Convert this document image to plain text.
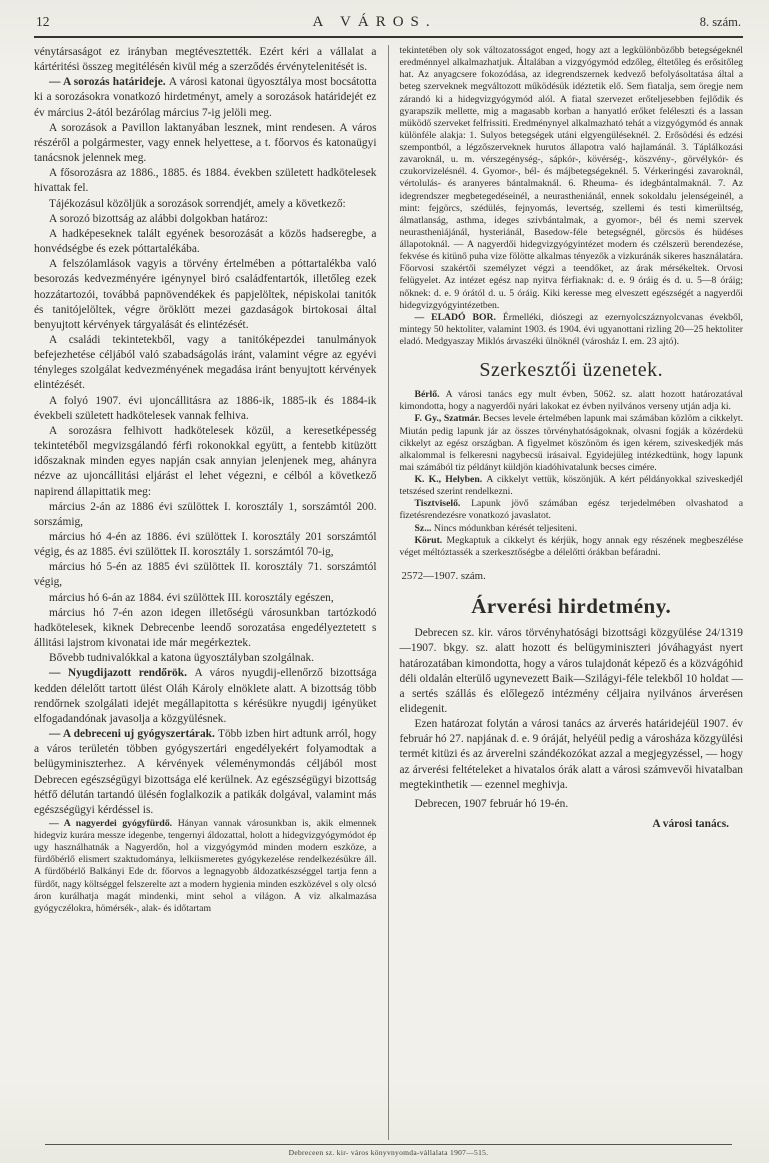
12	A VÁROS.	8. szám.

vénytársaságot ez irányban megtévesztették. Ezért kéri a vállalat a kártéritési összeg megitélésén kivül még a szerződés érvénytelenitését is.

— A sorozás határideje. A városi katonai ügyosztálya most bocsátotta ki a sorozásokra vonatkozó hirdetményt, amely a sorozások határidejét ez év március 2-ától bezárólag március 7-ig jelöli meg.

A sorozások a Pavillon laktanyában lesznek, mint rendesen. A város részéről a polgármester, vagy ennek helyettese, a t. főorvos és katonaügyi tanácsnok jelennek meg.

A fősorozásra az 1886., 1885. és 1884. években született hadkötelesek hivattak fel.

Tájékozásul közöljük a sorozások sorrendjét, amely a következő:

A sorozó bizottság az alábbi dolgokban határoz:

A hadképeseknek talált egyének besorozását a közös hadseregbe, a honvédségbe és ezek póttartalékába.

A felszólamlások vagyis a törvény értelmében a póttartalékba való besorozás kedvezményére igénynyel biró családfentartók, illetőleg ezek hozzátartozói, továbbá papnövendékek és papjelöltek, népiskolai tanitók és tanitójelöltek, végre öröklött mezei gazdaságok birtokosai által benyujtott kérvények tárgyalását és elintézését.

A családi tekintetekből, vagy a tanitóképezdei tanulmányok befejezhetése céljából való szabadságolás iránt, valamint végre az egyévi tényleges szolgálat kedvezményének megadása iránt benyujtott kérvények elintézését.

A folyó 1907. évi ujoncállitásra az 1886-ik, 1885-ik és 1884-ik évekbeli született hadkötelesek vannak felhiva.

A sorozásra felhivott hadkötelesek közül, a keresetképesség tekintetéből megvizsgálandó férfi rokonokkal együtt, a fentebb kitüzött időszaknak minden egyes napján csak annyian jelenjenek meg, ahányra nézve az ujoncállitási eljárást el lehet végezni, e célból a következő napirend állapittatik meg:

március 2-án az 1886 évi szülöttek I. korosztály 1, sorszámtól 200. sorszámig,

március hó 4-én az 1886. évi szülöttek I. korosztály 201 sorszámtól végig, és az 1885. évi szülöttek II. korosztály 1. sorszámtól 70-ig,

március hó 5-én az 1885 évi szülöttek II. korosztály 71. sorszámtól végig,

március hó 6-án az 1884. évi szülöttek III. korosztály egészen,

március hó 7-én azon idegen illetőségü városunkban tartózkodó hadkötelesek, kiknek Debrecenbe leendő sorozatása engedélyeztetett s állitási lajstrom kivonatai ide már megérkeztek.

Bővebb tudnivalókkal a katona ügyosztályban szolgálnak.

— Nyugdijazott rendőrök. A város nyugdij-ellenőrző bizottsága kedden délelőtt tartott ülést Oláh Károly elnöklete alatt. A bizottság több rendőrnek szolgálati idejét megállapitotta s kérésükre nyugdij igényüket elfogadandónak javasolja a közgyülésnek.

— A debreceni uj gyógyszertárak. Több izben hirt adtunk arról, hogy a város területén többen gyógyszertári engedélyekért folyamodtak a belügyminiszterhez. A kérvények véleménymondás céljából most Debrecen egészségügyi bizottsága elé kerülnek. Az egészségügyi bizottság hétfő délután tartandó ülésén foglalkozik a patikák dolgával, valamint más egészségügyi kérdéssel is.

— A nagyerdei gyógyfürdő. Hányan vannak városunkban is, akik elmennek hidegviz kurára messze idegenbe, tengernyi áldozattal, holott a hidegvizgyógymódot ép ugy használhatnák a Nagyerdőn, hol a vizgyógymód minden modern eszköze, a fürdőbérlő elismert szaktudománya, lelkiismeretes gyógykezelése rendelkezésükre áll. A fürdőbérlő Balkányi Ede dr. főorvos a legnagyobb áldozatkészséggel tartja fenn a fürdőt, nagy költséggel felszerelte azt a modern hygienia minden eszközével s oly olcsó áron kurálhatja magát mindenki, mint sehol a világon. A viz alkalmazása gyógyczélokra, hömérsék-, alak- és időtartam

tekintetében oly sok változatosságot enged, hogy azt a legkülönbözőbb betegségeknél eredménnyel alkalmazhatjuk. Általában a vizgyógymód edzőleg, éltetőleg és erősitőleg hat. Az anyagcsere fokozódása, az idegrendszernek kedvező befolyásoltatása által a beteg szerveknek megváltozott működésük idéztetik elő. Sem fiatalja, sem öregje nem zárandó ki a hidegvizgyógymód alól. A fiatal szervezet erőteljesebben fejlődik és gyarapszik mellette, mig a magasabb korban a hanyatló erőket feléleszti és a lassan müködő szerveket felfrissiti. Eredménynyel alkalmazható tehát a vizgyógymód és annak különféle alakja: 1. Sulyos betegségek utáni elgyengüléseknél. 2. Erősödési és edzési szempontból, a légzőszerveknek hurutos állapotra való hajlamánál. 3. Táplálkozási zavaroknál, u. m. vérszegénység-, sápkór-, kövérség-, köszvény-, görvélykór- és czukorvizelésnél. 4. Gyomor-, bél- és májbetegségeknél. 5. Vérkeringési zavaroknál, vértolulás- és aranyeres bántalmaknál. 6. Rheuma- és idegbántalmaknál. 7. Az idegrendszer megbetegedéseinél, a neurastheniánál, ennek sokoldalu jelenségeinél, a mint: fejgörcs, szédülés, fejnyomás, levertség, szellemi és testi kimerültség, álmatlanság, asthma, ideges szivbántalmak, a gyomor-, bél és nemi szervek neurastheniájánál, hysteriánál, Basedow-féle betegségnél, görcsös és hüdéses állapotoknál. — A nagyerdői hidegvizgyógyintézet modern és czélszerü berendezése, fekvése és kitünő puha vize fölötte alkalmas tényezők a vizkuránák sikeres használatára. Főorvosi szakértői személyzet végzi a teendőket, az árak mérsékeltek. Orvosi felügyelet. Az intézet egész nap nyitva férfiaknak: d. e. 9 óráig és d. u. 5—8 óráig; nőknek: d. e. 9 órától d. u. 5 óráig. Kiki keresse meg elveszett egészségét a nagyerdői hidegvizgyógyintézetben.

— ELADÓ BOR. Érmelléki, diószegi az ezernyolcszáznyolcvanas évekből, mintegy 50 hektoliter, valamint 1903. és 1904. évi ugyanottani rizling 20—25 hektoliter eladó. Medgyaszay Miklós árvaszéki ülnöknél (városház I. em. 23 ajtó).

Szerkesztői üzenetek.

Bérlő. A városi tanács egy mult évben, 5062. sz. alatt hozott határozatával kimondotta, hogy a nagyerdői nyári lakokat ez évben nyilvános verseny utján adja ki.

F. Gy., Szatmár. Becses levele értelmében lapunk mai számában közlöm a cikkelyt. Miután pedig lapunk jár az összes törvényhatóságoknak, olvasni fogják a közérdekü cikkelyt az egész országban. A figyelmet köszönöm és igen kérem, sziveskedjék más alkalommal is felkeresni nagybecsü irásaival. Egyidejüleg intézkedtünk, hogy lapunk mai számából tiz példányt küldjön kiadóhivatalunk becses cimére.

K. K., Helyben. A cikkelyt vettük, köszönjük. A kért példányokkal sziveskedjél tetszésed szerint rendelkezni.

Tisztviselő. Lapunk jövő számában egész terjedelmében olvashatod a fizetésrendezésre vonatkozó javaslatot.

Sz... Nincs módunkban kérését teljesiteni.

Körut. Megkaptuk a cikkelyt és kérjük, hogy annak egy részének megbeszélése véget méltóztassék a szerkesztőségbe a délelőtti órákban befáradni.

2572—1907. szám.

Árverési hirdetmény.

Debrecen sz. kir. város törvényhatósági bizottsági közgyülése 24/1319 —1907. bkgy. sz. alatt hozott és belügyminiszteri jóváhagyást nyert határozatában kimondotta, hogy a város tulajdonát képező és a közvágóhid déli oldalán elterülő ugynevezett Baik—Szilágyi-féle telekből 10 holdat — a sertés szállás és előlegező intézmény céljaira nyilvános árverésen elidegenit.

Ezen határozat folytán a városi tanács az árverés határidejéül 1907. év február hó 27. napjának d. e. 9 óráját, helyéül pedig a városháza közgyülési termét kitüzi és az árverelni szándékozókat azzal a megjegyzéssel, — hogy az árverési feltételeket a hivatalos órák alatt a városi számvevői hivatalban megtekinthetik — ezennel meghivja.

Debrecen, 1907 február hó 19-én.

A városi tanács.

Debreceen sz. kir- város könyvnyomda-vállalata 1907—515.
